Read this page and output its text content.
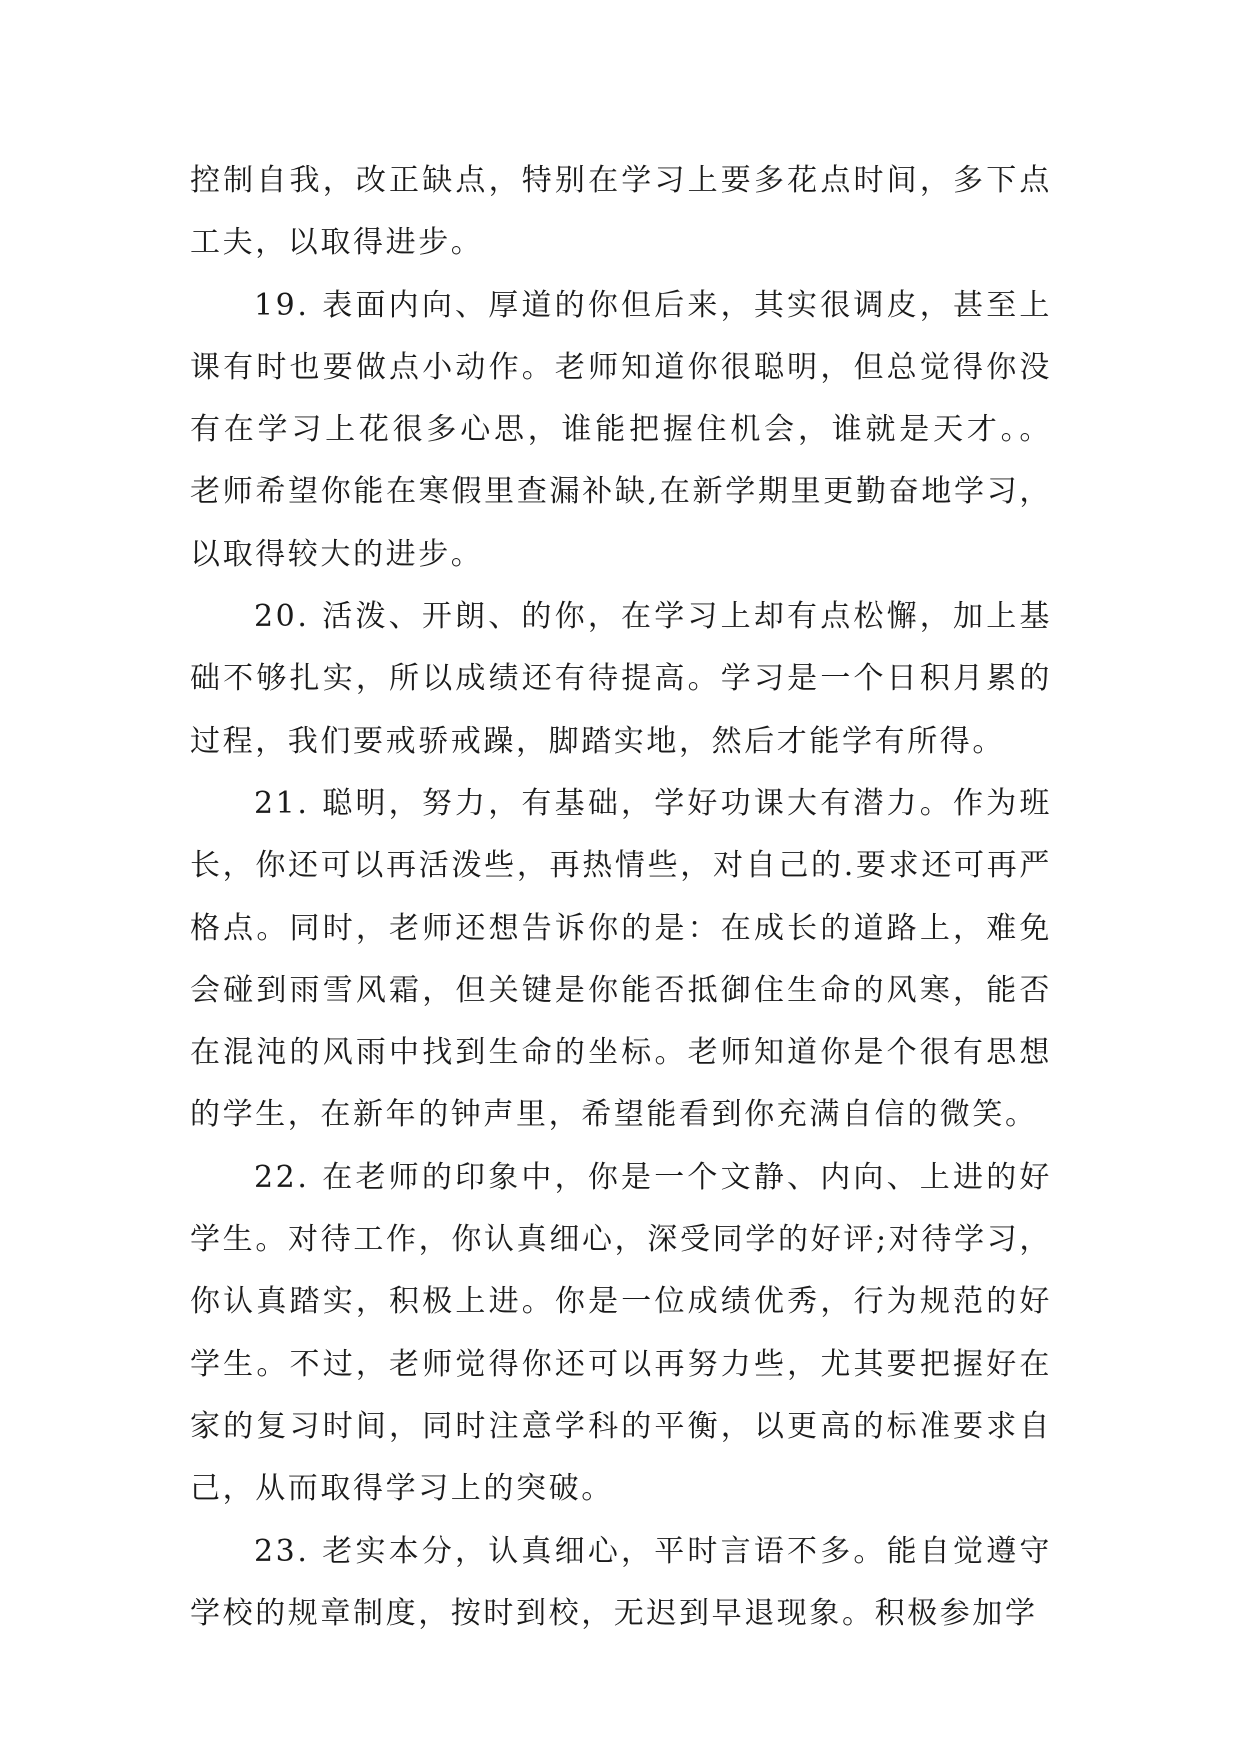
控制自我，改正缺点，特别在学习上要多花点时间，多下点工夫，以取得进步。

19. 表面内向、厚道的你但后来，其实很调皮，甚至上课有时也要做点小动作。老师知道你很聪明，但总觉得你没有在学习上花很多心思，谁能把握住机会，谁就是天才。。老师希望你能在寒假里查漏补缺,在新学期里更勤奋地学习，以取得较大的进步。

20. 活泼、开朗、的你，在学习上却有点松懈，加上基础不够扎实，所以成绩还有待提高。学习是一个日积月累的过程，我们要戒骄戒躁，脚踏实地，然后才能学有所得。

21. 聪明，努力，有基础，学好功课大有潜力。作为班长，你还可以再活泼些，再热情些，对自己的.要求还可再严格点。同时，老师还想告诉你的是：在成长的道路上，难免会碰到雨雪风霜，但关键是你能否抵御住生命的风寒，能否在混沌的风雨中找到生命的坐标。老师知道你是个很有思想的学生，在新年的钟声里，希望能看到你充满自信的微笑。

22. 在老师的印象中，你是一个文静、内向、上进的好学生。对待工作，你认真细心，深受同学的好评;对待学习，你认真踏实，积极上进。你是一位成绩优秀，行为规范的好学生。不过，老师觉得你还可以再努力些，尤其要把握好在家的复习时间，同时注意学科的平衡，以更高的标准要求自己，从而取得学习上的突破。

23. 老实本分，认真细心，平时言语不多。能自觉遵守学校的规章制度，按时到校，无迟到早退现象。积极参加学
